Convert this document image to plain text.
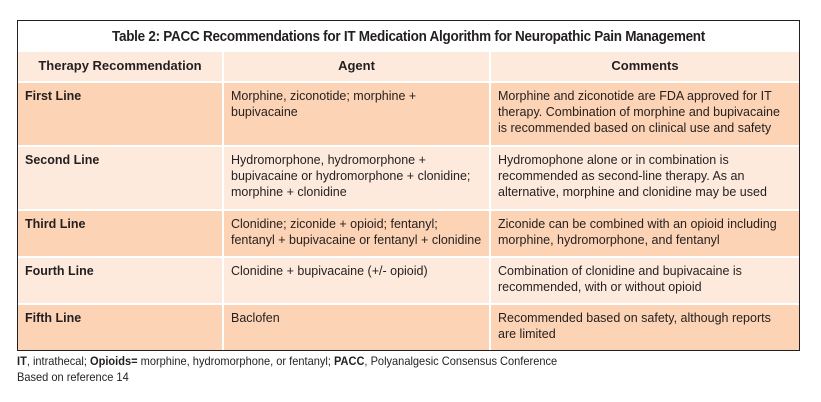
Table 2: PACC Recommendations for IT Medication Algorithm for Neuropathic Pain Management
Therapy Recommendation	Agent	Comments
First Line	Morphine, ziconotide; morphine + bupivacaine	Morphine and ziconotide are FDA approved for IT therapy. Combination of morphine and bupivacaine is recommended based on clinical use and safety
Second Line	Hydromorphone, hydromorphone + bupivacaine or hydromorphone + clonidine; morphine + clonidine	Hydromophone alone or in combination is recommended as second-line therapy. As an alternative, morphine and clonidine may be used
Third Line	Clonidine; ziconide + opioid; fentanyl; fentanyl + bupivacaine or fentanyl + clonidine	Ziconide can be combined with an opioid including morphine, hydromorphone, and fentanyl
Fourth Line	Clonidine + bupivacaine (+/- opioid)	Combination of clonidine and bupivacaine is recommended, with or without opioid
Fifth Line	Baclofen	Recommended based on safety, although reports are limited
IT, intrathecal; Opioids= morphine, hydromorphone, or fentanyl; PACC, Polyanalgesic Consensus Conference
Based on reference 14
